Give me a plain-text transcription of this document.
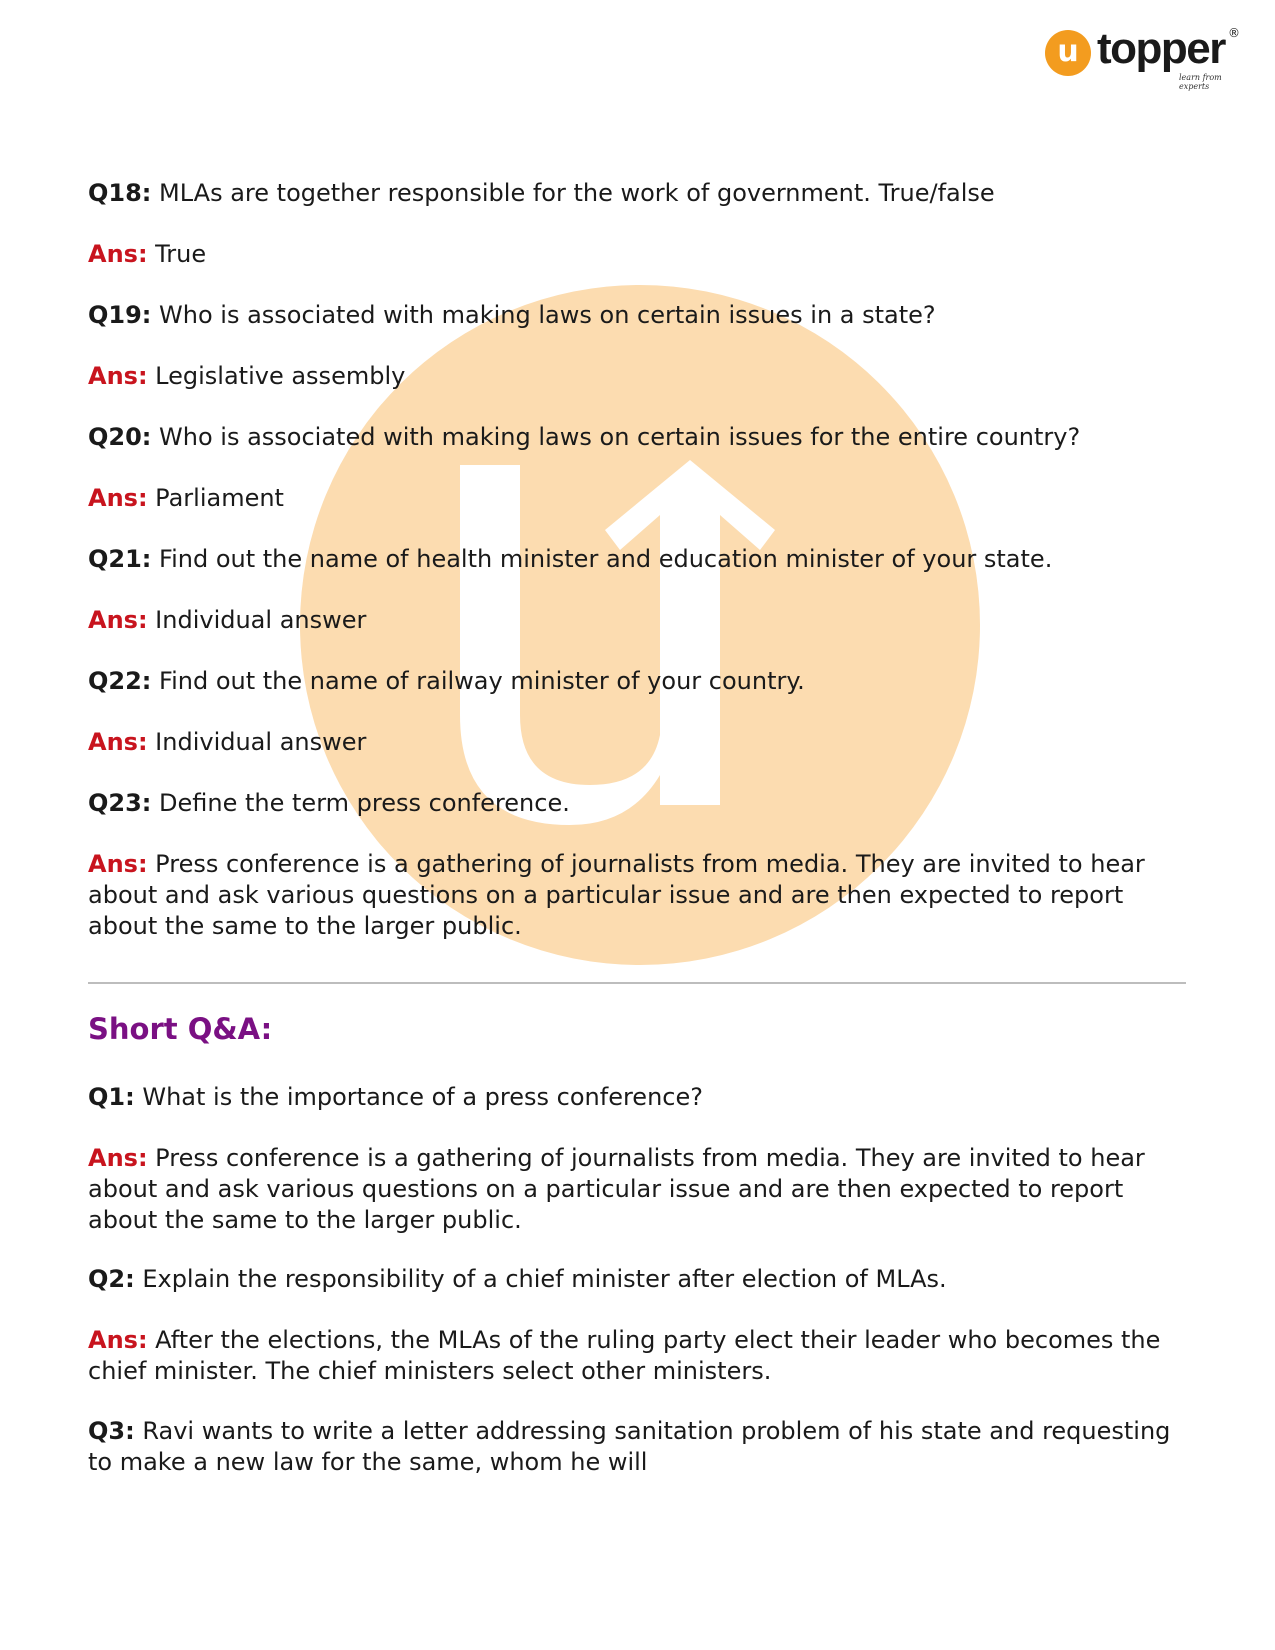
u topper ®
learn from experts
Q18: MLAs are together responsible for the work of government. True/false
Ans: True
Q19: Who is associated with making laws on certain issues in a state?
Ans: Legislative assembly
Q20: Who is associated with making laws on certain issues for the entire country?
Ans: Parliament
Q21: Find out the name of health minister and education minister of your state.
Ans: Individual answer
Q22: Find out the name of railway minister of your country.
Ans: Individual answer
Q23: Define the term press conference.
Ans: Press conference is a gathering of journalists from media. They are invited to hear about and ask various questions on a particular issue and are then expected to report about the same to the larger public.
Short Q&A:
Q1: What is the importance of a press conference?
Ans: Press conference is a gathering of journalists from media. They are invited to hear about and ask various questions on a particular issue and are then expected to report about the same to the larger public.
Q2: Explain the responsibility of a chief minister after election of MLAs.
Ans: After the elections, the MLAs of the ruling party elect their leader who becomes the chief minister. The chief ministers select other ministers.
Q3: Ravi wants to write a letter addressing sanitation problem of his state and requesting to make a new law for the same, whom he will
